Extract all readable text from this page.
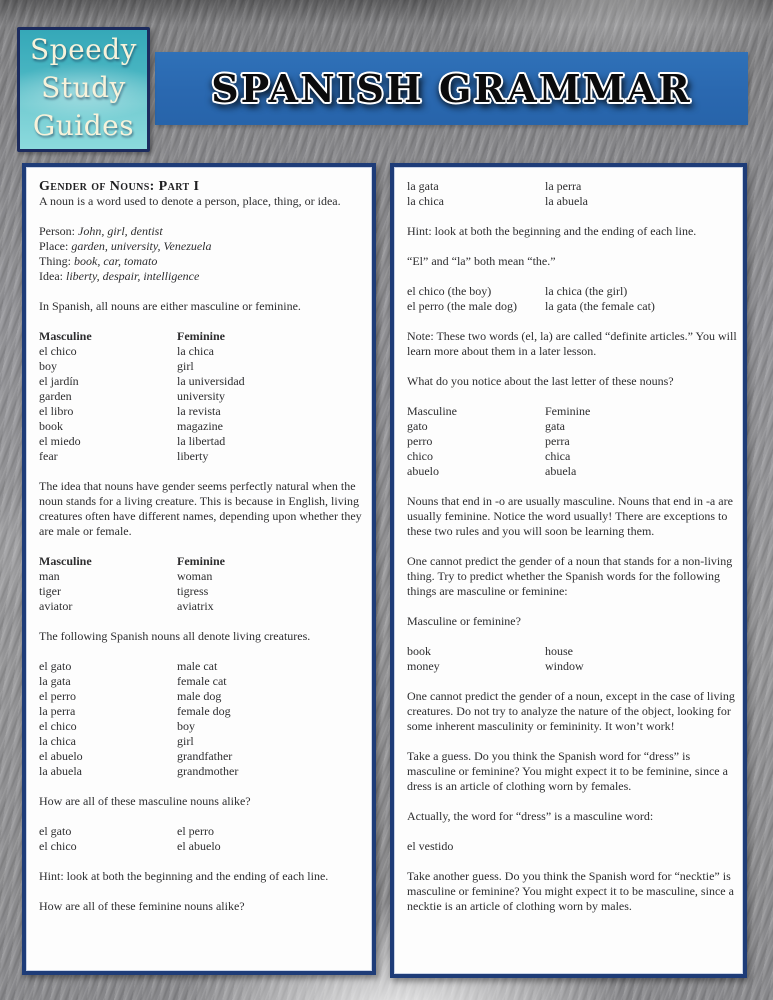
Speedy
Study
Guides
SPANISH GRAMMAR
Gender of Nouns: Part I
A noun is a word used to denote a person, place, thing, or idea.
Person: John, girl, dentist
Place: garden, university, Venezuela
Thing: book, car, tomato
Idea: liberty, despair, intelligence
In Spanish, all nouns are either masculine or feminine.
Masculine	Feminine
el chico	la chica
boy	girl
el jardín	la universidad
garden	university
el libro	la revista
book	magazine
el miedo	la libertad
fear	liberty
The idea that nouns have gender seems perfectly natural when the noun stands for a living creature. This is because in English, living creatures often have different names, depending upon whether they are male or female.
Masculine	Feminine
man	woman
tiger	tigress
aviator	aviatrix
The following Spanish nouns all denote living creatures.
el gato	male cat
la gata	female cat
el perro	male dog
la perra	female dog
el chico	boy
la chica	girl
el abuelo	grandfather
la abuela	grandmother
How are all of these masculine nouns alike?
el gato	el perro
el chico	el abuelo
Hint: look at both the beginning and the ending of each line.
How are all of these feminine nouns alike?
la gata	la perra
la chica	la abuela
Hint: look at both the beginning and the ending of each line.
“El” and “la” both mean “the.”
el chico (the boy)	la chica (the girl)
el perro (the male dog)	la gata (the female cat)
Note: These two words (el, la) are called “definite articles.” You will learn more about them in a later lesson.
What do you notice about the last letter of these nouns?
Masculine	Feminine
gato	gata
perro	perra
chico	chica
abuelo	abuela
Nouns that end in -o are usually masculine. Nouns that end in -a are usually feminine. Notice the word usually! There are exceptions to these two rules and you will soon be learning them.
One cannot predict the gender of a noun that stands for a non-living thing. Try to predict whether the Spanish words for the following things are masculine or feminine:
Masculine or feminine?
book	house
money	window
One cannot predict the gender of a noun, except in the case of living creatures. Do not try to analyze the nature of the object, looking for some inherent masculinity or femininity. It won’t work!
Take a guess. Do you think the Spanish word for “dress” is masculine or feminine? You might expect it to be feminine, since a dress is an article of clothing worn by females.
Actually, the word for “dress” is a masculine word:
el vestido
Take another guess. Do you think the Spanish word for “necktie” is masculine or feminine? You might expect it to be masculine, since a necktie is an article of clothing worn by males.
